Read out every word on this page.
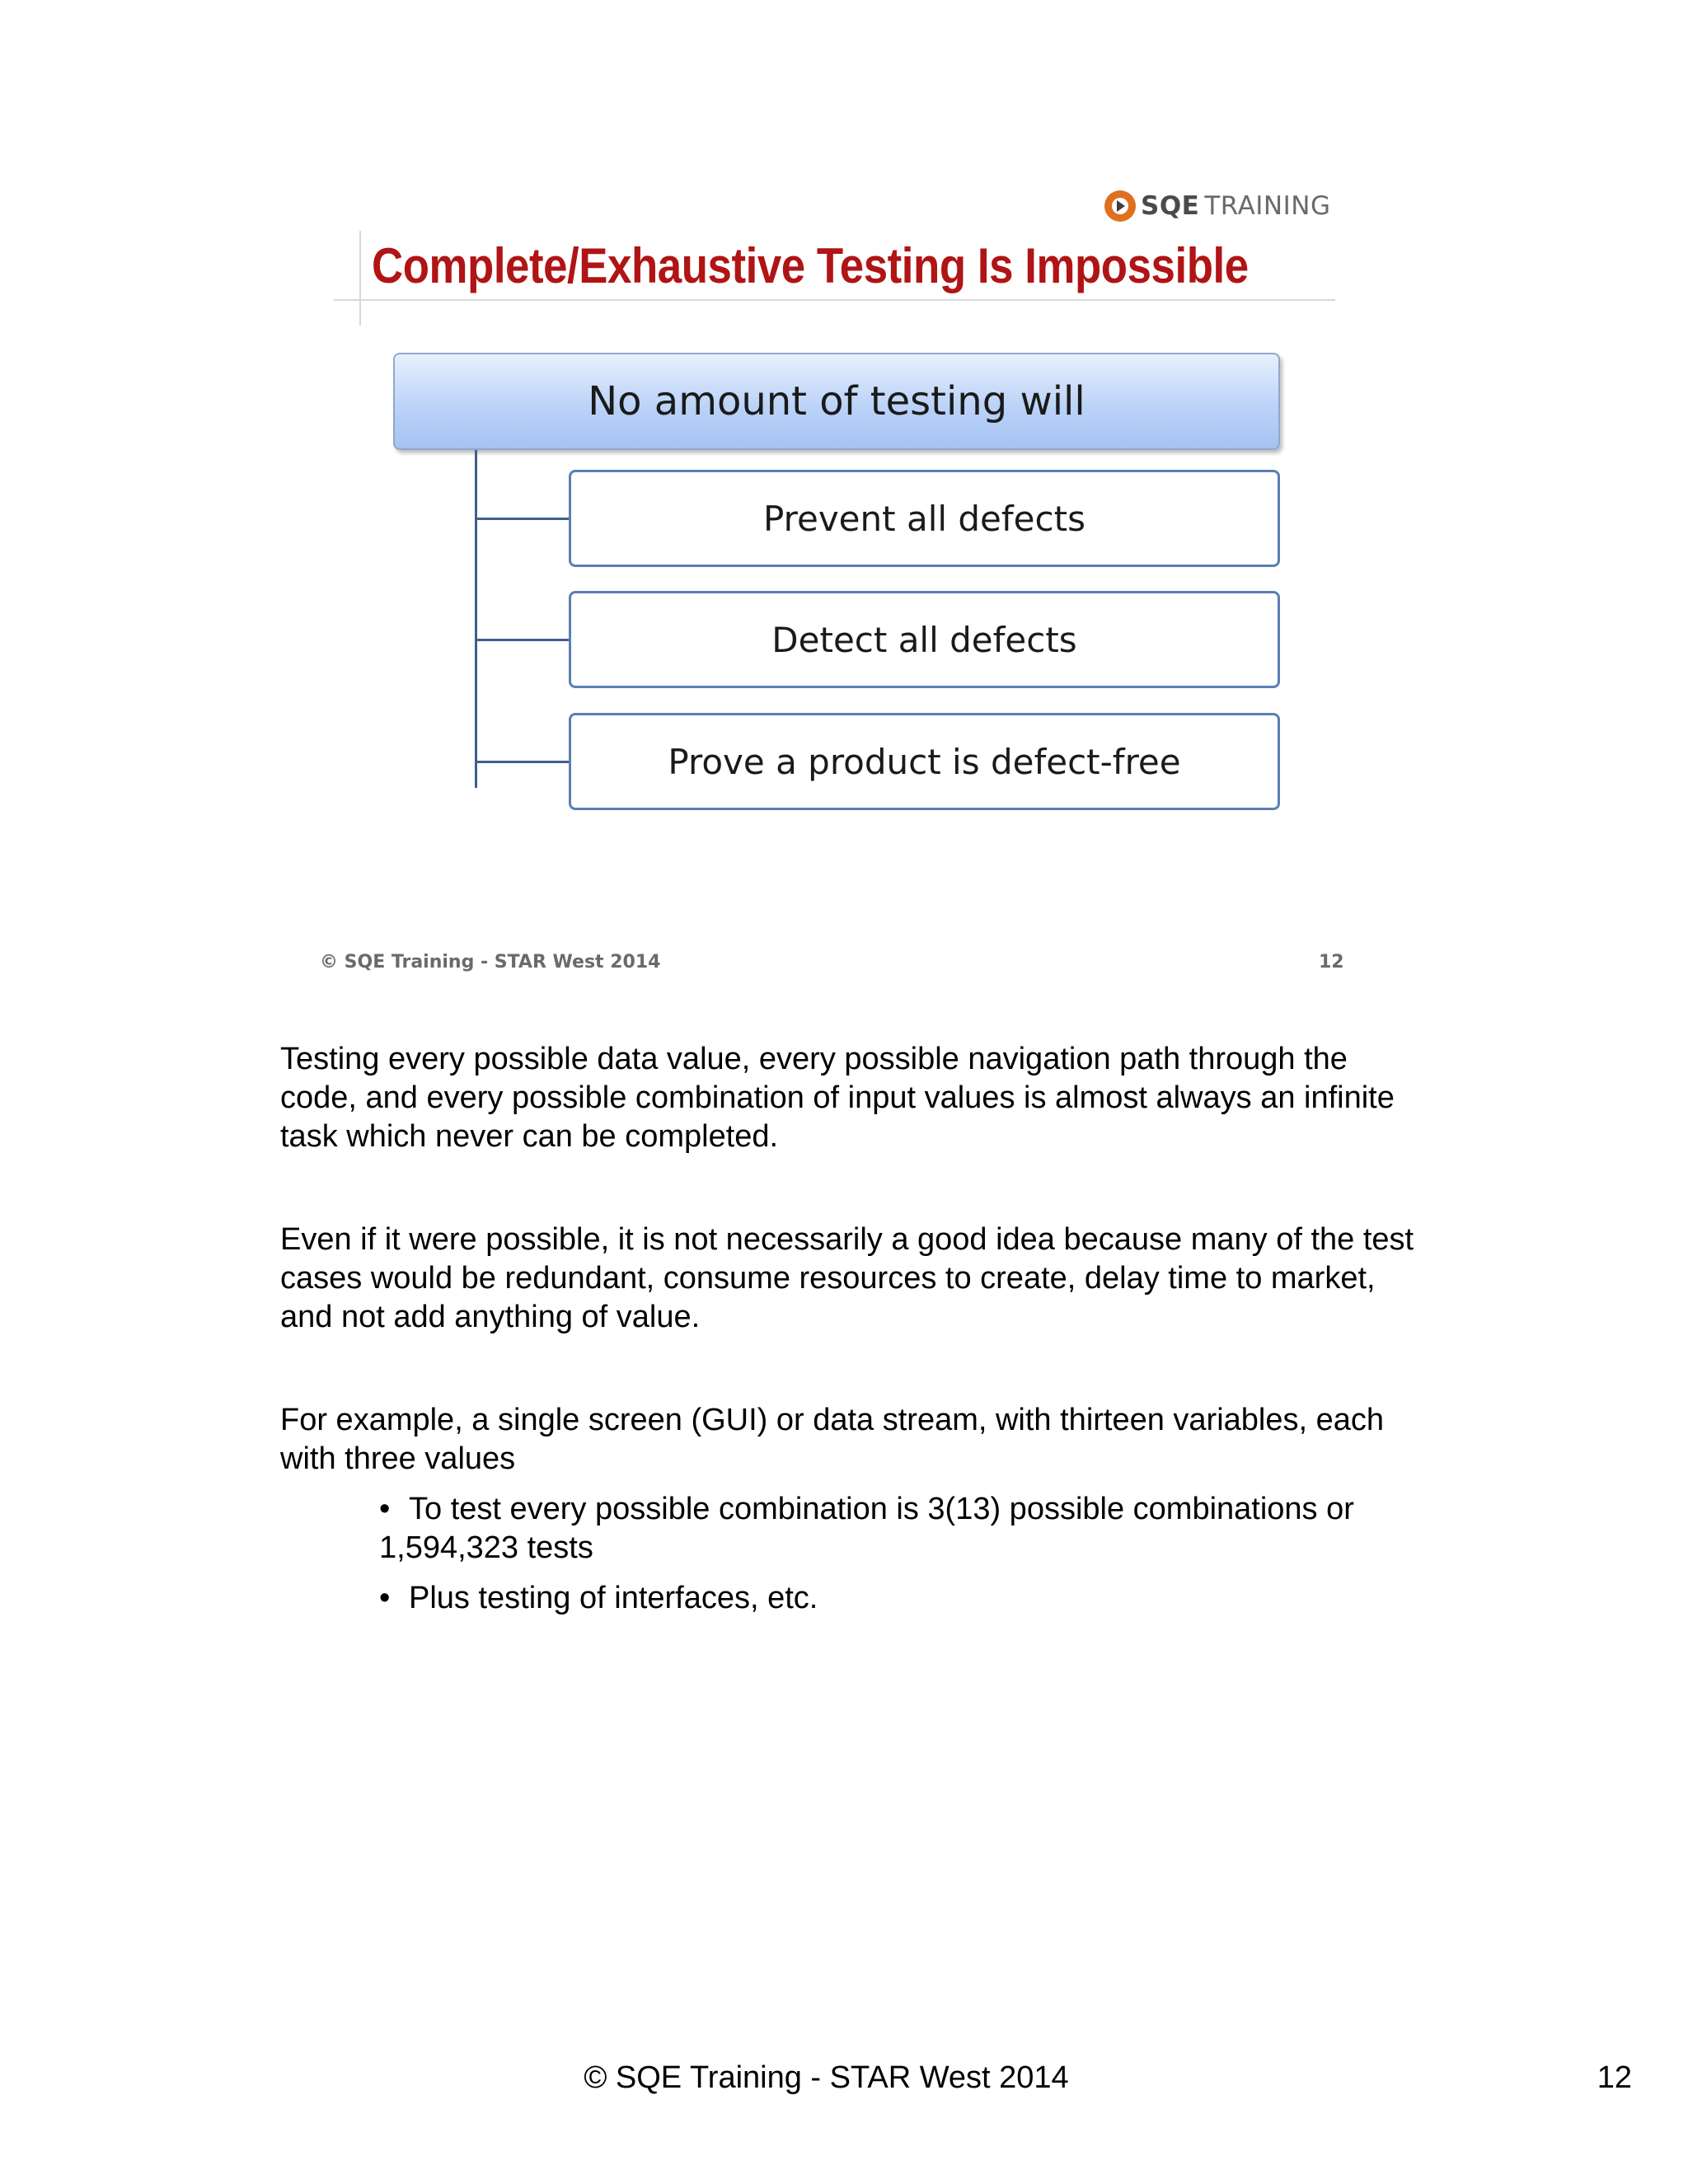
SQE TRAINING
Complete/Exhaustive Testing Is Impossible
No amount of testing will
Prevent all defects
Detect all defects
Prove a product is defect-free
© SQE Training - STAR West 2014	12

Testing every possible data value, every possible navigation path through the code, and every possible combination of input values is almost always an infinite task which never can be completed.

Even if it were possible, it is not necessarily a good idea because many of the test cases would be redundant, consume resources to create, delay time to market, and not add anything of value.

For example, a single screen (GUI) or data stream, with thirteen variables, each with three values

• To test every possible combination is 3(13) possible combinations or 1,594,323 tests
• Plus testing of interfaces, etc.
© SQE Training - STAR West 2014	12
